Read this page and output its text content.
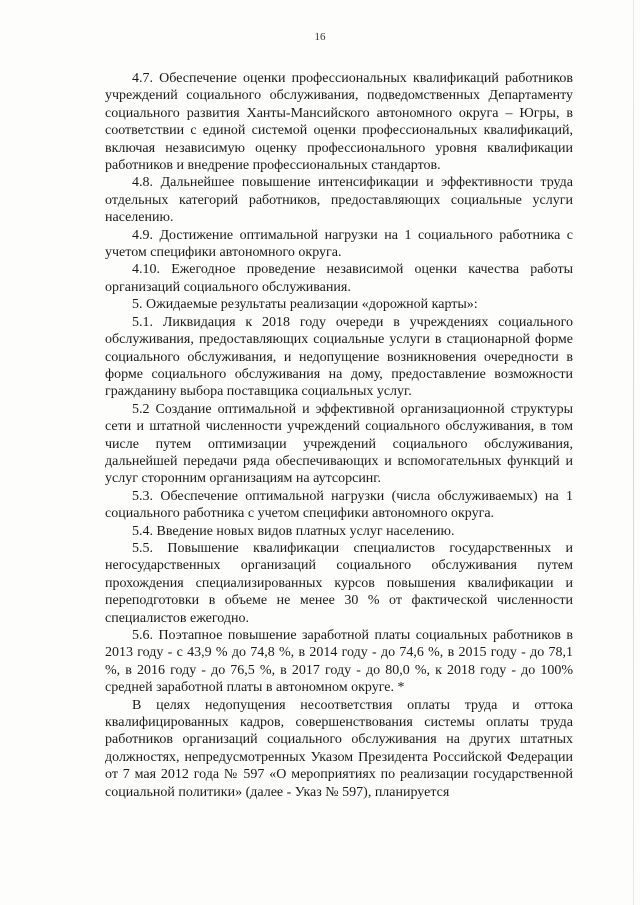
16

4.7. Обеспечение оценки профессиональных квалификаций работников учреждений социального обслуживания, подведомственных Департаменту социального развития Ханты-Мансийского автономного округа – Югры, в соответствии с единой системой оценки профессиональных квалификаций, включая независимую оценку профессионального уровня квалификации работников и внедрение профессиональных стандартов.

4.8. Дальнейшее повышение интенсификации и эффективности труда отдельных категорий работников, предоставляющих социальные услуги населению.

4.9. Достижение оптимальной нагрузки на 1 социального работника с учетом специфики автономного округа.

4.10. Ежегодное проведение независимой оценки качества работы организаций социального обслуживания.

5. Ожидаемые результаты реализации «дорожной карты»:

5.1. Ликвидация к 2018 году очереди в учреждениях социального обслуживания, предоставляющих социальные услуги в стационарной форме социального обслуживания, и недопущение возникновения очередности в форме социального обслуживания на дому, предоставление возможности гражданину выбора поставщика социальных услуг.

5.2 Создание оптимальной и эффективной организационной структуры сети и штатной численности учреждений социального обслуживания, в том числе путем оптимизации учреждений социального обслуживания, дальнейшей передачи ряда обеспечивающих и вспомогательных функций и услуг сторонним организациям на аутсорсинг.

5.3. Обеспечение оптимальной нагрузки (числа обслуживаемых) на 1 социального работника с учетом специфики автономного округа.

5.4. Введение новых видов платных услуг населению.

5.5. Повышение квалификации специалистов государственных и негосударственных организаций социального обслуживания путем прохождения специализированных курсов повышения квалификации и переподготовки в объеме не менее 30 % от фактической численности специалистов ежегодно.

5.6. Поэтапное повышение заработной платы социальных работников в 2013 году - с 43,9 % до 74,8 %, в 2014 году - до 74,6 %, в 2015 году - до 78,1 %, в 2016 году - до 76,5 %, в 2017 году - до 80,0 %, к 2018 году - до 100% средней заработной платы в автономном округе. *

В целях недопущения несоответствия оплаты труда и оттока квалифицированных кадров, совершенствования системы оплаты труда работников организаций социального обслуживания на других штатных должностях, непредусмотренных Указом Президента Российской Федерации от 7 мая 2012 года № 597 «О мероприятиях по реализации государственной социальной политики» (далее - Указ № 597), планируется
